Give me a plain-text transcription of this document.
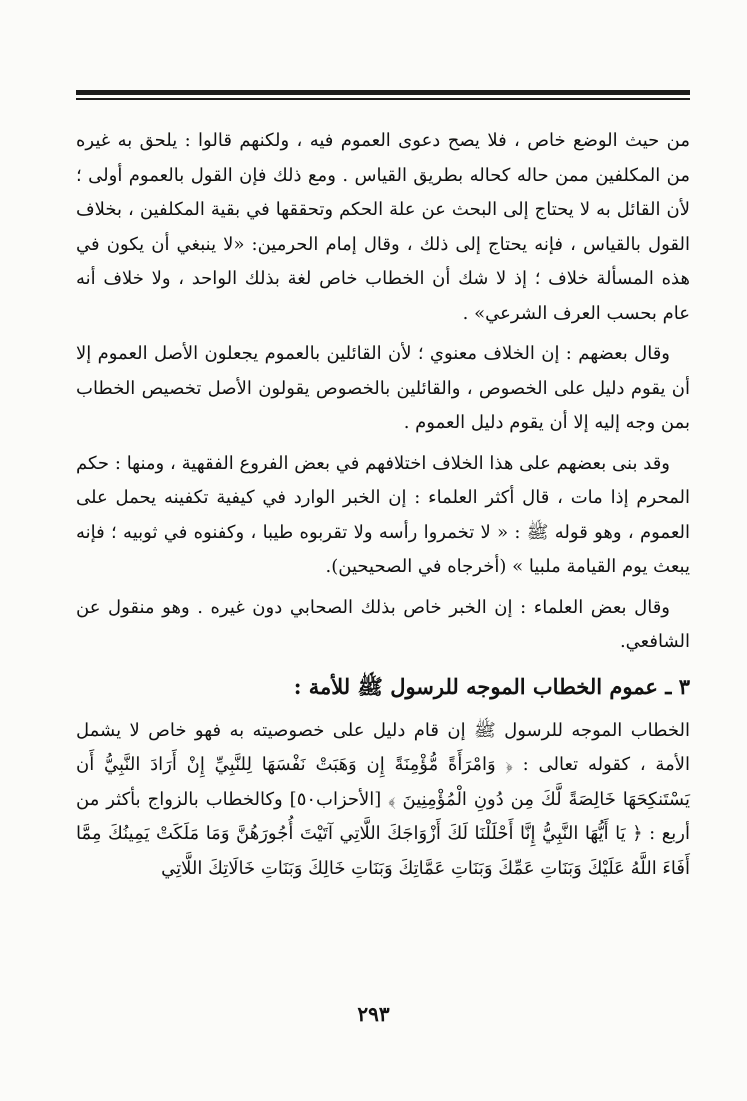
من حيث الوضع خاص ، فلا يصح دعوى العموم فيه ، ولكنهم قالوا : يلحق به غيره من المكلفين ممن حاله كحاله بطريق القياس . ومع ذلك فإن القول بالعموم أولى ؛ لأن القائل به لا يحتاج إلى البحث عن علة الحكم وتحققها في بقية المكلفين ، بخلاف القول بالقياس ، فإنه يحتاج إلى ذلك ، وقال إمام الحرمين: «لا ينبغي أن يكون في هذه المسألة خلاف ؛ إذ لا شك أن الخطاب خاص لغة بذلك الواحد ، ولا خلاف أنه عام بحسب العرف الشرعي» .

وقال بعضهم : إن الخلاف معنوي ؛ لأن القائلين بالعموم يجعلون الأصل العموم إلا أن يقوم دليل على الخصوص ، والقائلين بالخصوص يقولون الأصل تخصيص الخطاب بمن وجه إليه إلا أن يقوم دليل العموم .

وقد بنى بعضهم على هذا الخلاف اختلافهم في بعض الفروع الفقهية ، ومنها : حكم المحرم إذا مات ، قال أكثر العلماء : إن الخبر الوارد في كيفية تكفينه يحمل على العموم ، وهو قوله ﷺ : « لا تخمروا رأسه ولا تقربوه طيبا ، وكفنوه في ثوبيه ؛ فإنه يبعث يوم القيامة ملبيا » (أخرجاه في الصحيحين).

وقال بعض العلماء : إن الخبر خاص بذلك الصحابي دون غيره . وهو منقول عن الشافعي.

٣ ـ عموم الخطاب الموجه للرسول ﷺ للأمة :

الخطاب الموجه للرسول ﷺ إن قام دليل على خصوصيته به فهو خاص لا يشمل الأمة ، كقوله تعالى : ﴿ وَامْرَأَةً مُّؤْمِنَةً إِن وَهَبَتْ نَفْسَهَا لِلنَّبِيِّ إِنْ أَرَادَ النَّبِيُّ أَن يَسْتَنكِحَهَا خَالِصَةً لَّكَ مِن دُونِ الْمُؤْمِنِينَ ﴾ [الأحزاب٥٠] وكالخطاب بالزواج بأكثر من أربع : ﴿ يَا أَيُّهَا النَّبِيُّ إِنَّا أَحْلَلْنَا لَكَ أَزْوَاجَكَ اللَّاتِي آتَيْتَ أُجُورَهُنَّ وَمَا مَلَكَتْ يَمِينُكَ مِمَّا أَفَاءَ اللَّهُ عَلَيْكَ وَبَنَاتِ عَمِّكَ وَبَنَاتِ عَمَّاتِكَ وَبَنَاتِ خَالِكَ وَبَنَاتِ خَالَاتِكَ اللَّاتِي

٢٩٣
